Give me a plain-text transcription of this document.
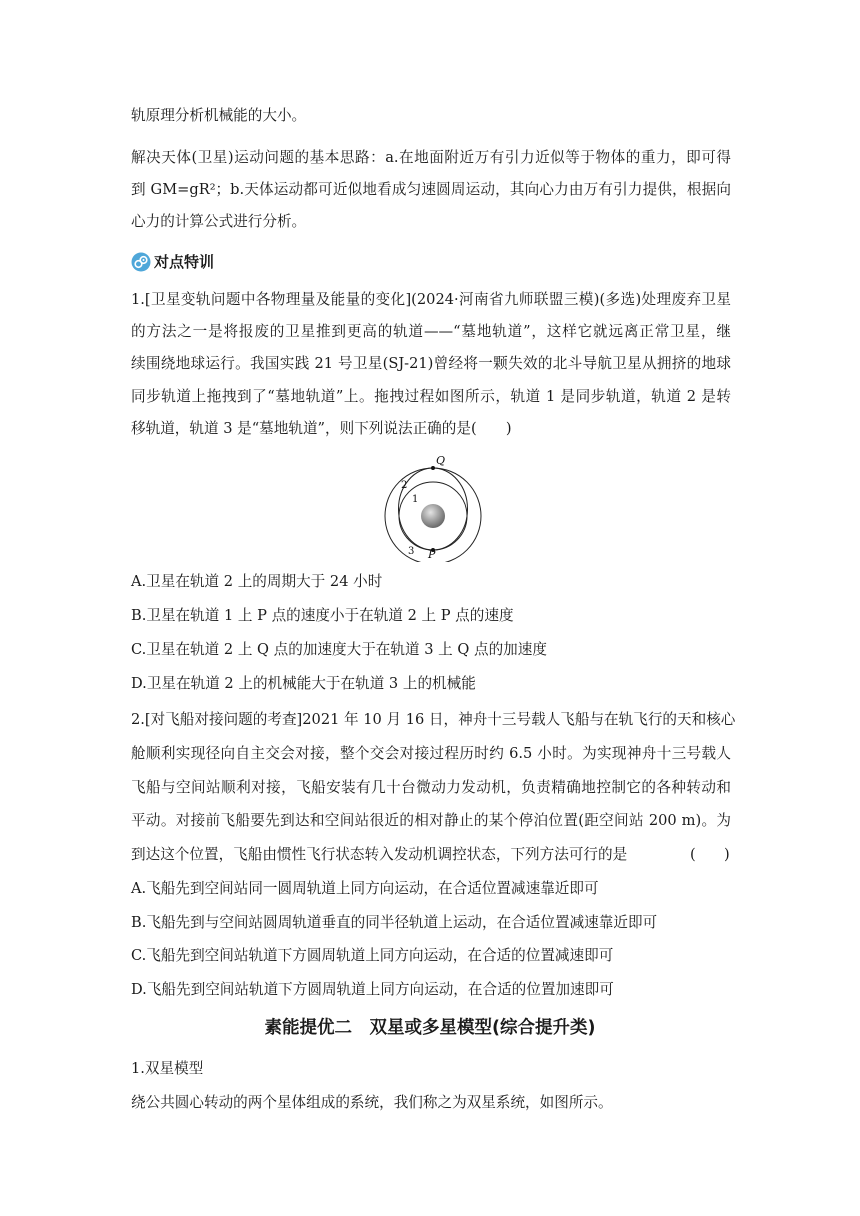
轨原理分析机械能的大小。
解决天体(卫星)运动问题的基本思路：a.在地面附近万有引力近似等于物体的重力，即可得
到 GM=gR²；b.天体运动都可近似地看成匀速圆周运动，其向心力由万有引力提供，根据向
心力的计算公式进行分析。
对点特训
1.[卫星变轨问题中各物理量及能量的变化](2024·河南省九师联盟三模)(多选)处理废弃卫星
的方法之一是将报废的卫星推到更高的轨道——“墓地轨道”，这样它就远离正常卫星，继
续围绕地球运行。我国实践 21 号卫星(SJ-21)曾经将一颗失效的北斗导航卫星从拥挤的地球
同步轨道上拖拽到了“墓地轨道”上。拖拽过程如图所示，轨道 1 是同步轨道，轨道 2 是转
移轨道，轨道 3 是“墓地轨道”，则下列说法正确的是(　　)
Q
P
2
1
3
A.卫星在轨道 2 上的周期大于 24 小时
B.卫星在轨道 1 上 P 点的速度小于在轨道 2 上 P 点的速度
C.卫星在轨道 2 上 Q 点的加速度大于在轨道 3 上 Q 点的加速度
D.卫星在轨道 2 上的机械能大于在轨道 3 上的机械能
2.[对飞船对接问题的考查]2021 年 10 月 16 日，神舟十三号载人飞船与在轨飞行的天和核心
舱顺利实现径向自主交会对接，整个交会对接过程历时约 6.5 小时。为实现神舟十三号载人
飞船与空间站顺利对接，飞船安装有几十台微动力发动机，负责精确地控制它的各种转动和
平动。对接前飞船要先到达和空间站很近的相对静止的某个停泊位置(距空间站 200 m)。为
到达这个位置，飞船由惯性飞行状态转入发动机调控状态，下列方法可行的是	( )
A.飞船先到空间站同一圆周轨道上同方向运动，在合适位置减速靠近即可
B.飞船先到与空间站圆周轨道垂直的同半径轨道上运动，在合适位置减速靠近即可
C.飞船先到空间站轨道下方圆周轨道上同方向运动，在合适的位置减速即可
D.飞船先到空间站轨道下方圆周轨道上同方向运动，在合适的位置加速即可
素能提优二　双星或多星模型(综合提升类)
1.双星模型
绕公共圆心转动的两个星体组成的系统，我们称之为双星系统，如图所示。
